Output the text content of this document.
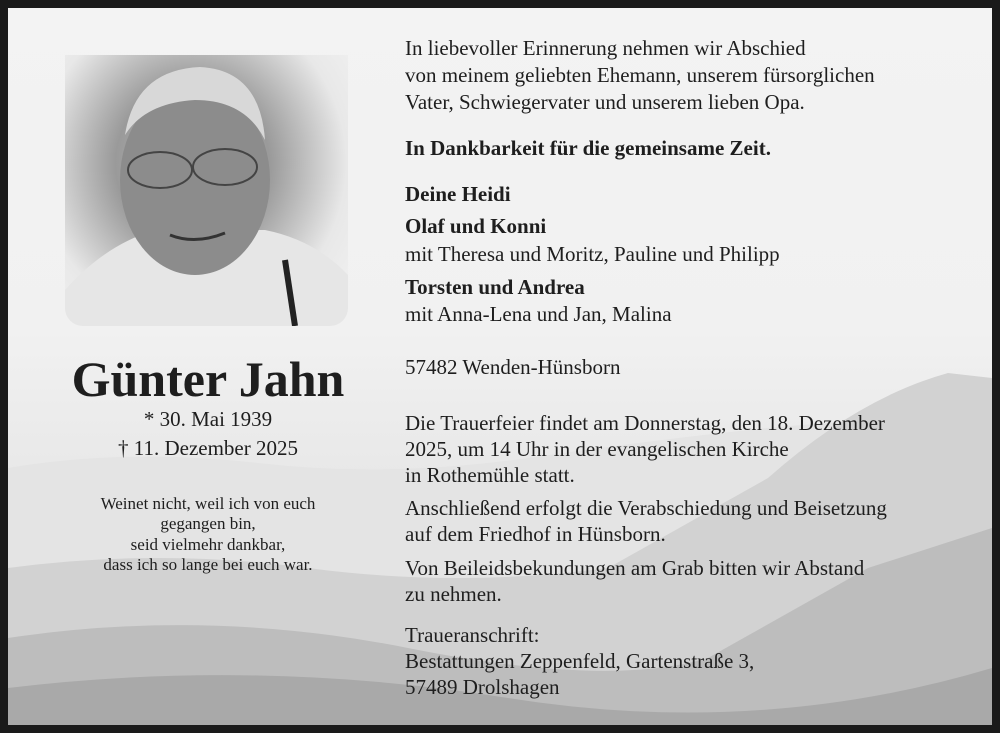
Günter Jahn
* 30. Mai 1939
† 11. Dezember 2025
Weinet nicht, weil ich von euch
gegangen bin,
seid vielmehr dankbar,
dass ich so lange bei euch war.
In liebevoller Erinnerung nehmen wir Abschied
von meinem geliebten Ehemann, unserem fürsorglichen
Vater, Schwiegervater und unserem lieben Opa.
In Dankbarkeit für die gemeinsame Zeit.
Deine Heidi
Olaf und Konni
mit Theresa und Moritz, Pauline und Philipp
Torsten und Andrea
mit Anna-Lena und Jan, Malina
57482 Wenden-Hünsborn
Die Trauerfeier findet am Donnerstag, den 18. Dezember
2025, um 14 Uhr in der evangelischen Kirche
in Rothemühle statt.
Anschließend erfolgt die Verabschiedung und Beisetzung
auf dem Friedhof in Hünsborn.
Von Beileidsbekundungen am Grab bitten wir Abstand
zu nehmen.
Traueranschrift:
Bestattungen Zeppenfeld, Gartenstraße 3,
57489 Drolshagen
